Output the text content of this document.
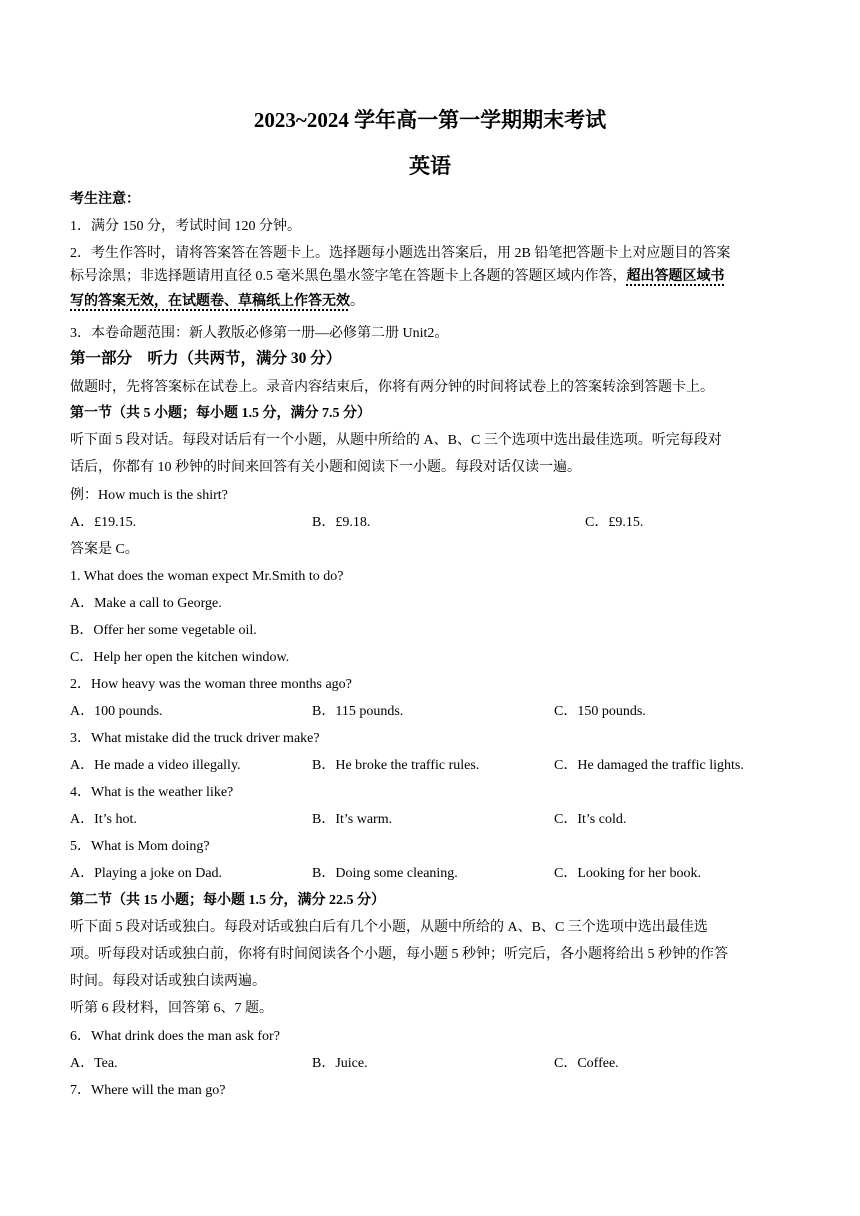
2023~2024 学年高一第一学期期末考试
英语
考生注意：
1．满分 150 分，考试时间 120 分钟。
2．考生作答时，请将答案答在答题卡上。选择题每小题选出答案后，用 2B 铅笔把答题卡上对应题目的答案
标号涂黑；非选择题请用直径 0.5 毫米黑色墨水签字笔在答题卡上各题的答题区域内作答，超出答题区域书
写的答案无效，在试题卷、草稿纸上作答无效。
3．本卷命题范围：新人教版必修第一册—必修第二册 Unit2。
第一部分　听力（共两节，满分 30 分）
做题时，先将答案标在试卷上。录音内容结束后，你将有两分钟的时间将试卷上的答案转涂到答题卡上。
第一节（共 5 小题；每小题 1.5 分，满分 7.5 分）
听下面 5 段对话。每段对话后有一个小题，从题中所给的 A、B、C 三个选项中选出最佳选项。听完每段对
话后，你都有 10 秒钟的时间来回答有关小题和阅读下一小题。每段对话仅读一遍。
例：How much is the shirt?
A．£19.15.	B．£9.18.	C．£9.15.
答案是 C。
1. What does the woman expect Mr.Smith to do?
A．Make a call to George.
B．Offer her some vegetable oil.
C．Help her open the kitchen window.
2．How heavy was the woman three months ago?
A．100 pounds.	B．115 pounds.	C．150 pounds.
3．What mistake did the truck driver make?
A．He made a video illegally.	B．He broke the traffic rules.	C．He damaged the traffic lights.
4．What is the weather like?
A．It’s hot.	B．It’s warm.	C．It’s cold.
5．What is Mom doing?
A．Playing a joke on Dad.	B．Doing some cleaning.	C．Looking for her book.
第二节（共 15 小题；每小题 1.5 分，满分 22.5 分）
听下面 5 段对话或独白。每段对话或独白后有几个小题，从题中所给的 A、B、C 三个选项中选出最佳选
项。听每段对话或独白前，你将有时间阅读各个小题，每小题 5 秒钟；听完后，各小题将给出 5 秒钟的作答
时间。每段对话或独白读两遍。
听第 6 段材料，回答第 6、7 题。
6．What drink does the man ask for?
A．Tea.	B．Juice.	C．Coffee.
7．Where will the man go?
